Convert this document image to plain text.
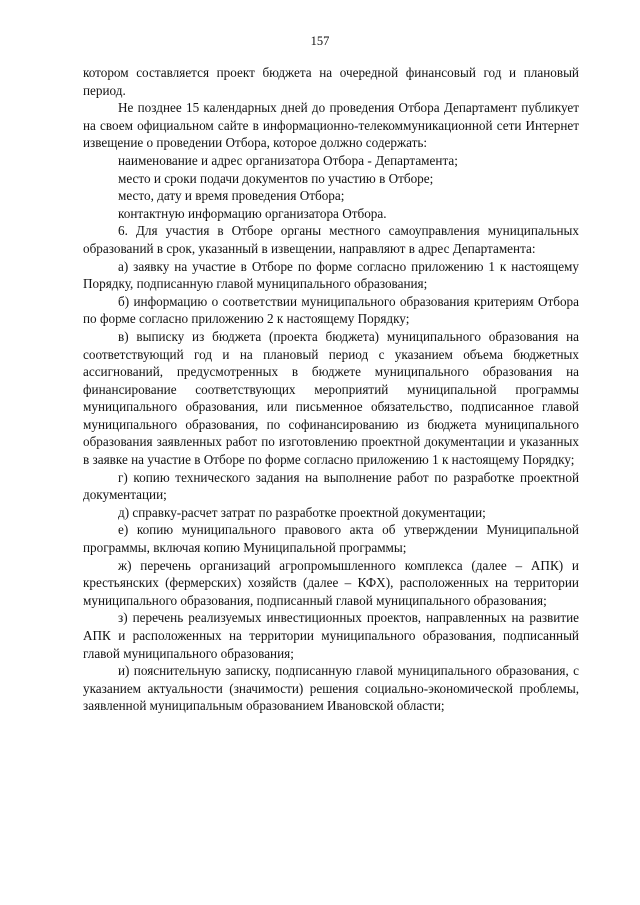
157

котором составляется проект бюджета на очередной финансовый год и плановый период.

Не позднее 15 календарных дней до проведения Отбора Департамент публикует на своем официальном сайте в информационно-телекоммуникационной сети Интернет извещение о проведении Отбора, которое должно содержать:

наименование и адрес организатора Отбора - Департамента;

место и сроки подачи документов по участию в Отборе;

место, дату и время проведения Отбора;

контактную информацию организатора Отбора.

6. Для участия в Отборе органы местного самоуправления муниципальных образований в срок, указанный в извещении, направляют в адрес Департамента:

а) заявку на участие в Отборе по форме согласно приложению 1 к настоящему Порядку, подписанную главой муниципального образования;

б) информацию о соответствии муниципального образования критериям Отбора по форме согласно приложению 2 к настоящему Порядку;

в) выписку из бюджета (проекта бюджета) муниципального образования на соответствующий год и на плановый период с указанием объема бюджетных ассигнований, предусмотренных в бюджете муниципального образования на финансирование соответствующих мероприятий муниципальной программы муниципального образования, или письменное обязательство, подписанное главой муниципального образования, по софинансированию из бюджета муниципального образования заявленных работ по изготовлению проектной документации и указанных в заявке на участие в Отборе по форме согласно приложению 1 к настоящему Порядку;

г) копию технического задания на выполнение работ по разработке проектной документации;

д) справку-расчет затрат по разработке проектной документации;

е) копию муниципального правового акта об утверждении Муниципальной программы, включая копию Муниципальной программы;

ж) перечень организаций агропромышленного комплекса (далее – АПК) и крестьянских (фермерских) хозяйств (далее – КФХ), расположенных на территории муниципального образования, подписанный главой муниципального образования;

з) перечень реализуемых инвестиционных проектов, направленных на развитие АПК и расположенных на территории муниципального образования, подписанный главой муниципального образования;

и) пояснительную записку, подписанную главой муниципального образования, с указанием актуальности (значимости) решения социально-экономической проблемы, заявленной муниципальным образованием Ивановской области;
